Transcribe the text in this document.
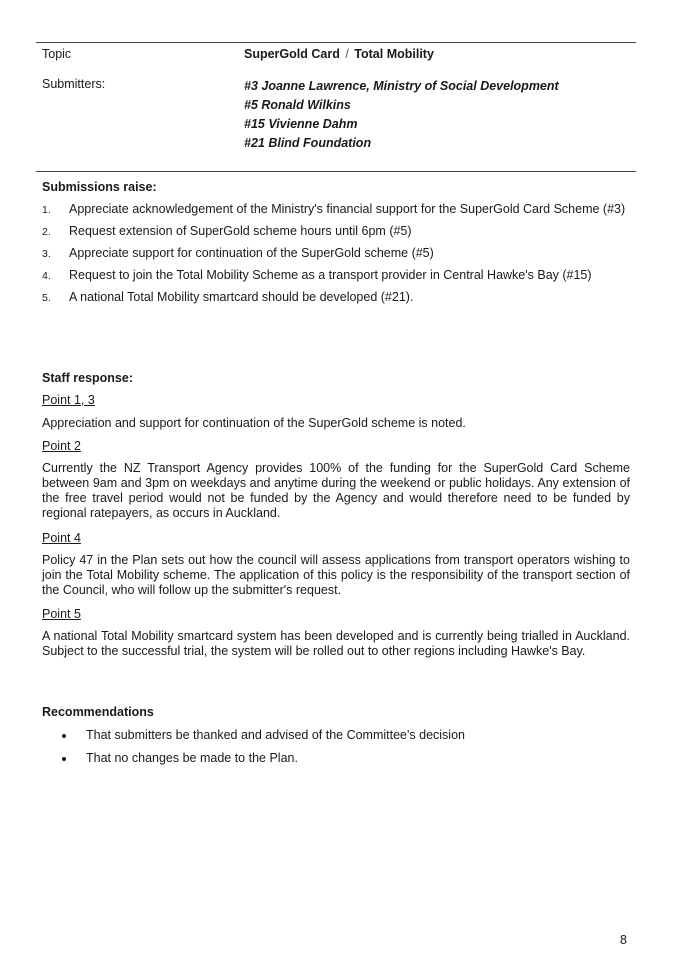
Topic	SuperGold Card / Total Mobility
Submitters:	#3 Joanne Lawrence, Ministry of Social Development
#5 Ronald Wilkins
#15 Vivienne Dahm
#21 Blind Foundation
Submissions raise:
1. Appreciate acknowledgement of the Ministry's financial support for the SuperGold Card Scheme (#3)
2. Request extension of SuperGold scheme hours until 6pm (#5)
3. Appreciate support for continuation of the SuperGold scheme (#5)
4. Request to join the Total Mobility Scheme as a transport provider in Central Hawke's Bay (#15)
5. A national Total Mobility smartcard should be developed (#21).
Staff response:
Point 1, 3

Appreciation and support for continuation of the SuperGold scheme is noted.

Point 2

Currently the NZ Transport Agency provides 100% of the funding for the SuperGold Card Scheme between 9am and 3pm on weekdays and anytime during the weekend or public holidays. Any extension of the free travel period would not be funded by the Agency and would therefore need to be funded by regional ratepayers, as occurs in Auckland.

Point 4

Policy 47 in the Plan sets out how the council will assess applications from transport operators wishing to join the Total Mobility scheme. The application of this policy is the responsibility of the transport section of the Council, who will follow up the submitter's request.

Point 5

A national Total Mobility smartcard system has been developed and is currently being trialled in Auckland. Subject to the successful trial, the system will be rolled out to other regions including Hawke's Bay.

Recommendations
That submitters be thanked and advised of the Committee's decision
That no changes be made to the Plan.
8
